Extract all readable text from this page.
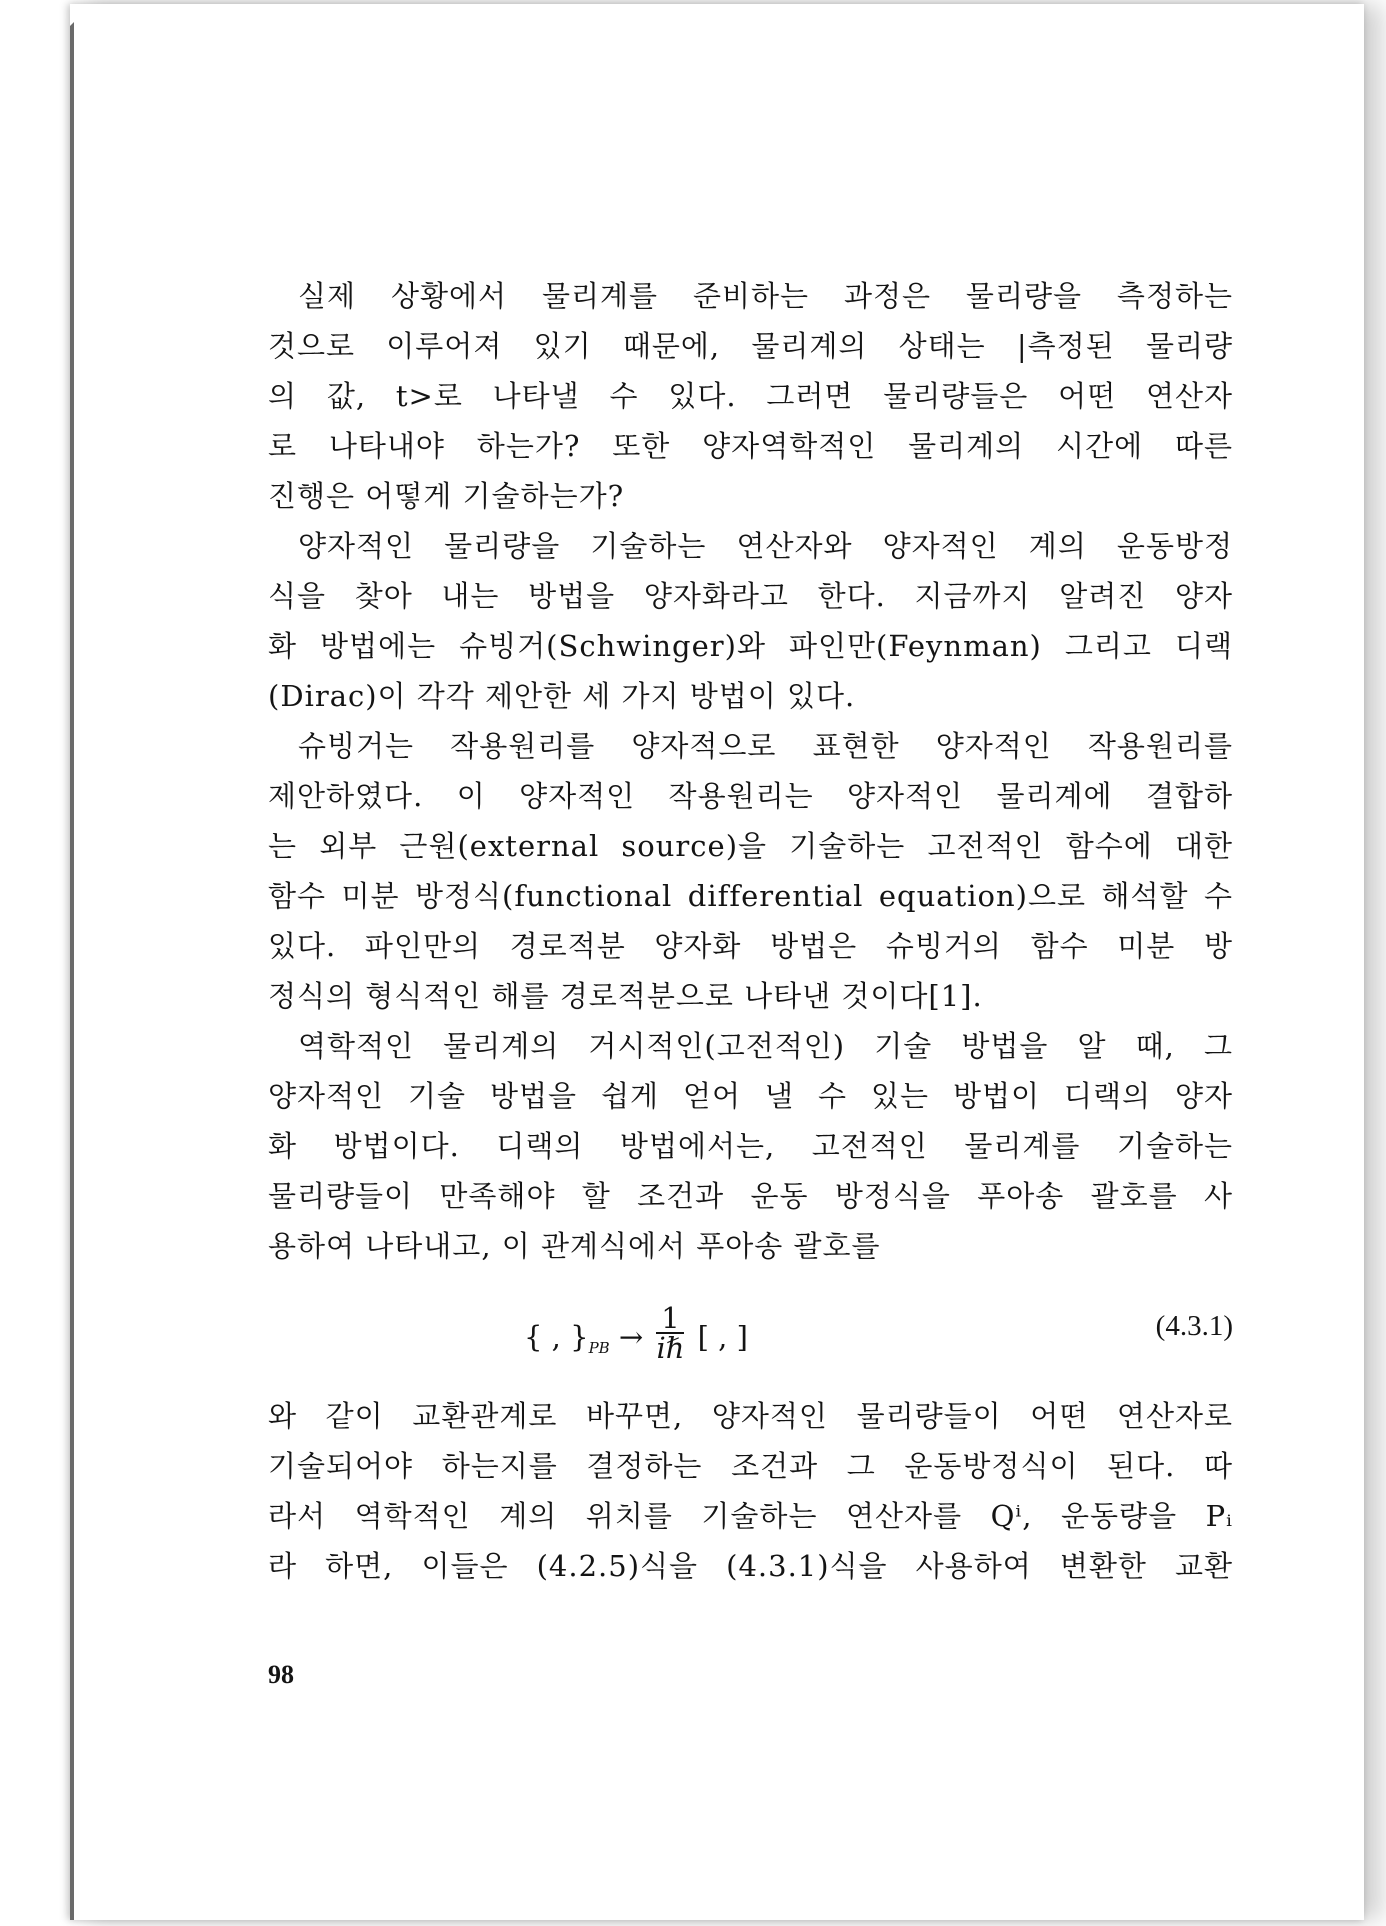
실제 상황에서 물리계를 준비하는 과정은 물리량을 측정하는
것으로 이루어져 있기 때문에, 물리계의 상태는 |측정된 물리량
의 값, t>로 나타낼 수 있다. 그러면 물리량들은 어떤 연산자
로 나타내야 하는가? 또한 양자역학적인 물리계의 시간에 따른
진행은 어떻게 기술하는가?
양자적인 물리량을 기술하는 연산자와 양자적인 계의 운동방정
식을 찾아 내는 방법을 양자화라고 한다. 지금까지 알려진 양자
화 방법에는 슈빙거(Schwinger)와 파인만(Feynman) 그리고 디랙
(Dirac)이 각각 제안한 세 가지 방법이 있다.
슈빙거는 작용원리를 양자적으로 표현한 양자적인 작용원리를
제안하였다. 이 양자적인 작용원리는 양자적인 물리계에 결합하
는 외부 근원(external source)을 기술하는 고전적인 함수에 대한
함수 미분 방정식(functional differential equation)으로 해석할 수
있다. 파인만의 경로적분 양자화 방법은 슈빙거의 함수 미분 방
정식의 형식적인 해를 경로적분으로 나타낸 것이다[1].
역학적인 물리계의 거시적인(고전적인) 기술 방법을 알 때, 그
양자적인 기술 방법을 쉽게 얻어 낼 수 있는 방법이 디랙의 양자
화 방법이다. 디랙의 방법에서는, 고전적인 물리계를 기술하는
물리량들이 만족해야 할 조건과 운동 방정식을 푸아송 괄호를 사
용하여 나타내고, 이 관계식에서 푸아송 괄호를
{ , }$_{PB} \to \frac{1}{\text{iℏ}}$ [ , ]	(4.3.1)
와 같이 교환관계로 바꾸면, 양자적인 물리량들이 어떤 연산자로
기술되어야 하는지를 결정하는 조건과 그 운동방정식이 된다. 따
라서 역학적인 계의 위치를 기술하는 연산자를 Qⁱ, 운동량을 Pᵢ
라 하면, 이들은 (4.2.5)식을 (4.3.1)식을 사용하여 변환한 교환
98
